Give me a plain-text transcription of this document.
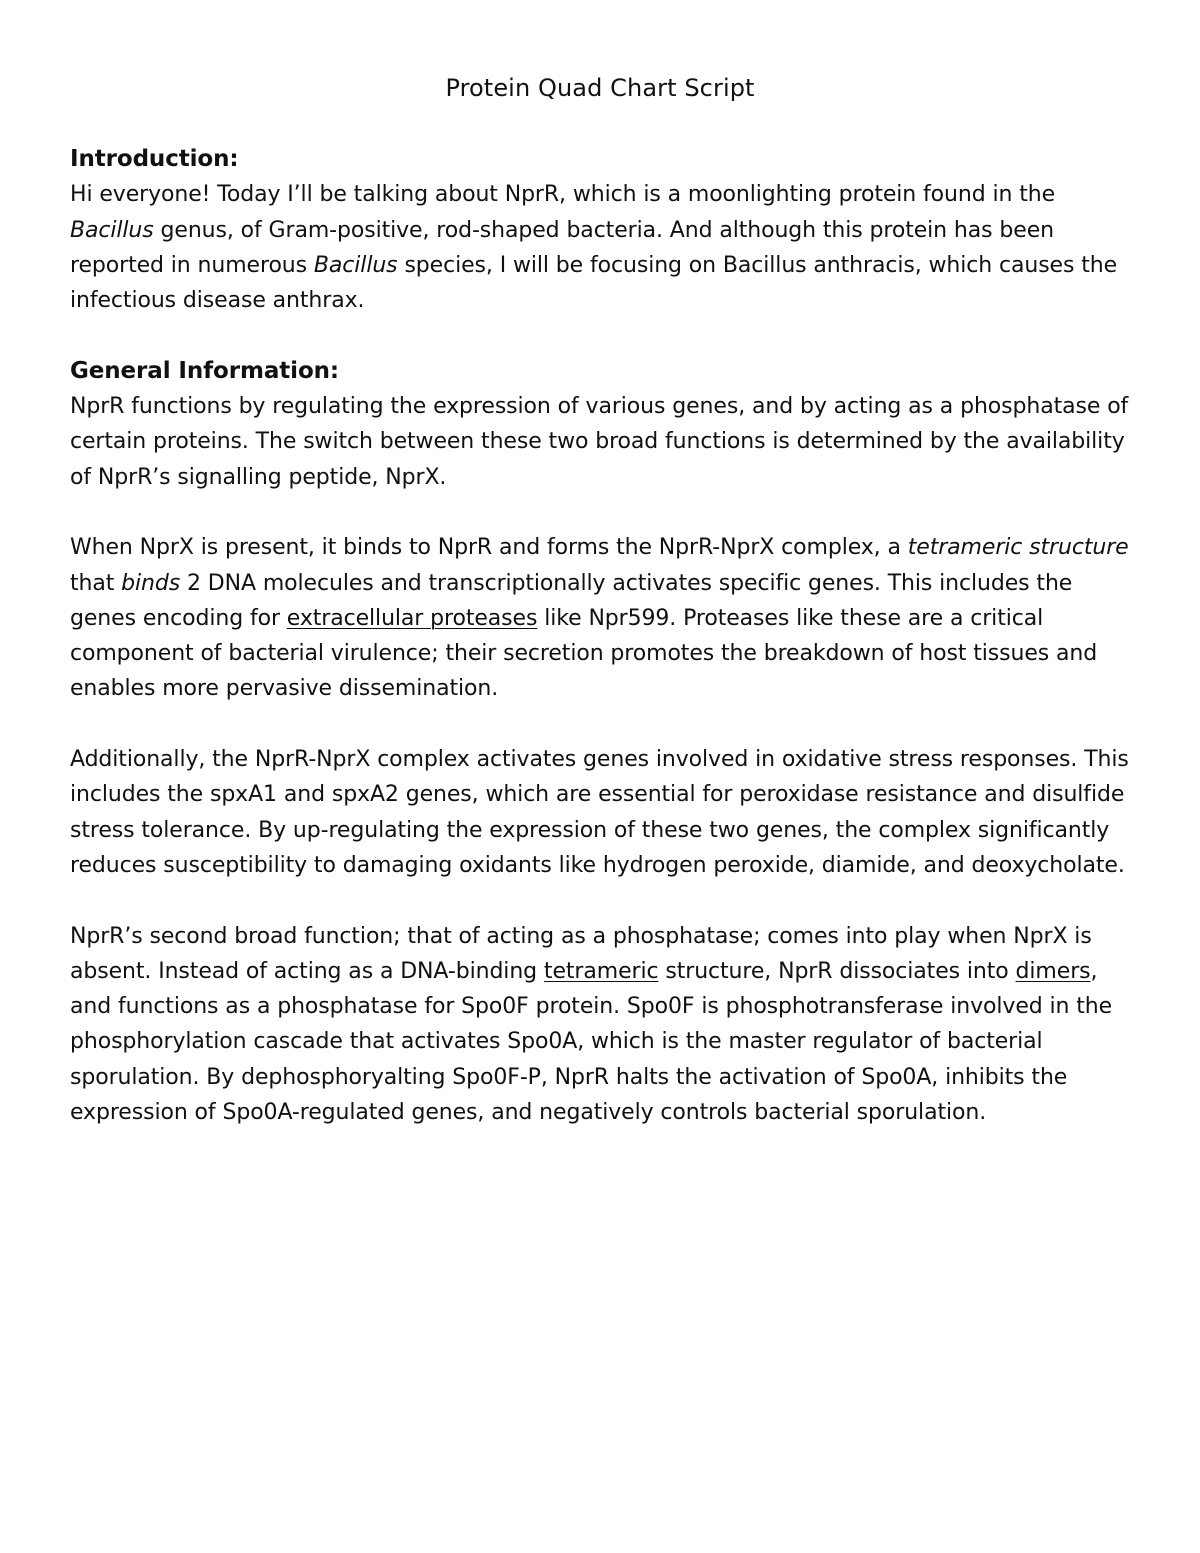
Protein Quad Chart Script

Introduction:

Hi everyone! Today I’ll be talking about NprR, which is a moonlighting protein found in the Bacillus genus, of Gram-positive, rod-shaped bacteria. And although this protein has been reported in numerous Bacillus species, I will be focusing on Bacillus anthracis, which causes the infectious disease anthrax.

General Information:

NprR functions by regulating the expression of various genes, and by acting as a phosphatase of certain proteins. The switch between these two broad functions is determined by the availability of NprR’s signalling peptide, NprX.

When NprX is present, it binds to NprR and forms the NprR-NprX complex, a tetrameric structure that binds 2 DNA molecules and transcriptionally activates specific genes. This includes the genes encoding for extracellular proteases like Npr599. Proteases like these are a critical component of bacterial virulence; their secretion promotes the breakdown of host tissues and enables more pervasive dissemination.

Additionally, the NprR-NprX complex activates genes involved in oxidative stress responses. This includes the spxA1 and spxA2 genes, which are essential for peroxidase resistance and disulfide stress tolerance. By up-regulating the expression of these two genes, the complex significantly reduces susceptibility to damaging oxidants like hydrogen peroxide, diamide, and deoxycholate.

NprR’s second broad function; that of acting as a phosphatase; comes into play when NprX is absent. Instead of acting as a DNA-binding tetrameric structure, NprR dissociates into dimers, and functions as a phosphatase for Spo0F protein. Spo0F is phosphotransferase involved in the phosphorylation cascade that activates Spo0A, which is the master regulator of bacterial sporulation. By dephosphoryalting Spo0F-P, NprR halts the activation of Spo0A, inhibits the expression of Spo0A-regulated genes, and negatively controls bacterial sporulation.
